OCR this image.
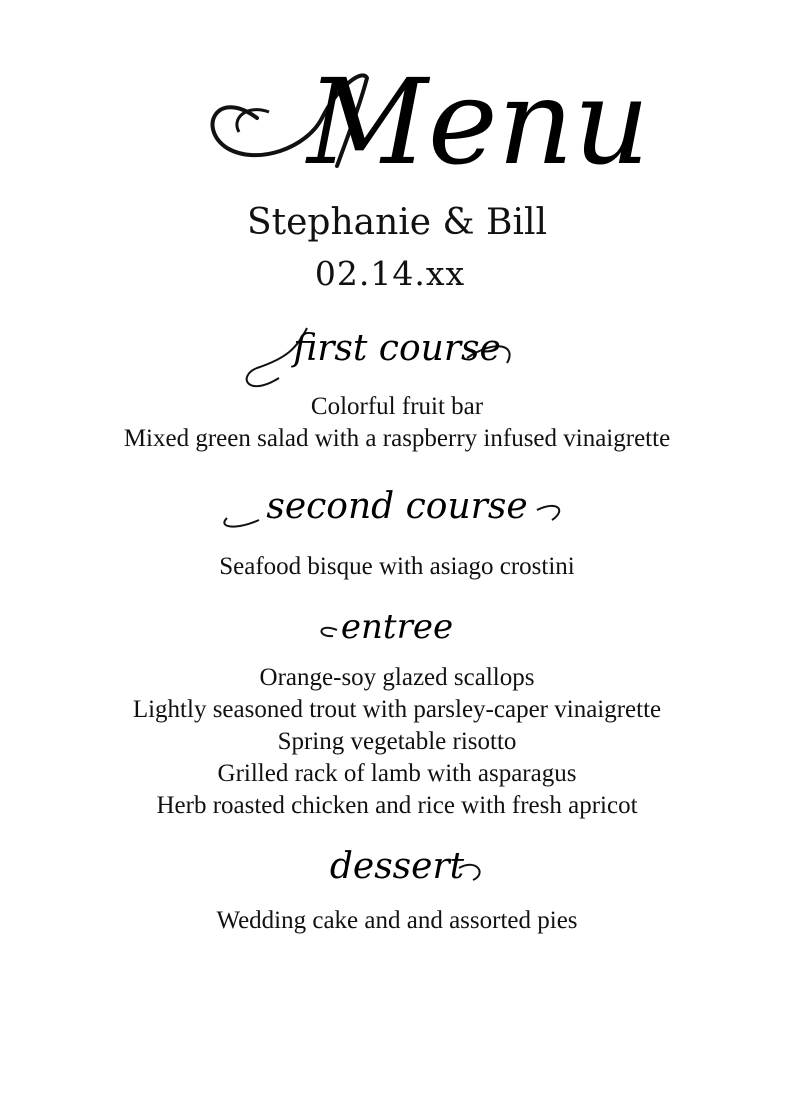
Menu
Stephanie & Bill
02.14.xx
first course
Colorful fruit bar
Mixed green salad with a raspberry infused vinaigrette
second course
Seafood bisque with asiago crostini
entree
Orange-soy glazed scallops
Lightly seasoned trout with parsley-caper vinaigrette
Spring vegetable risotto
Grilled rack of lamb with asparagus
Herb roasted chicken and rice with fresh apricot
dessert
Wedding cake and and assorted pies
